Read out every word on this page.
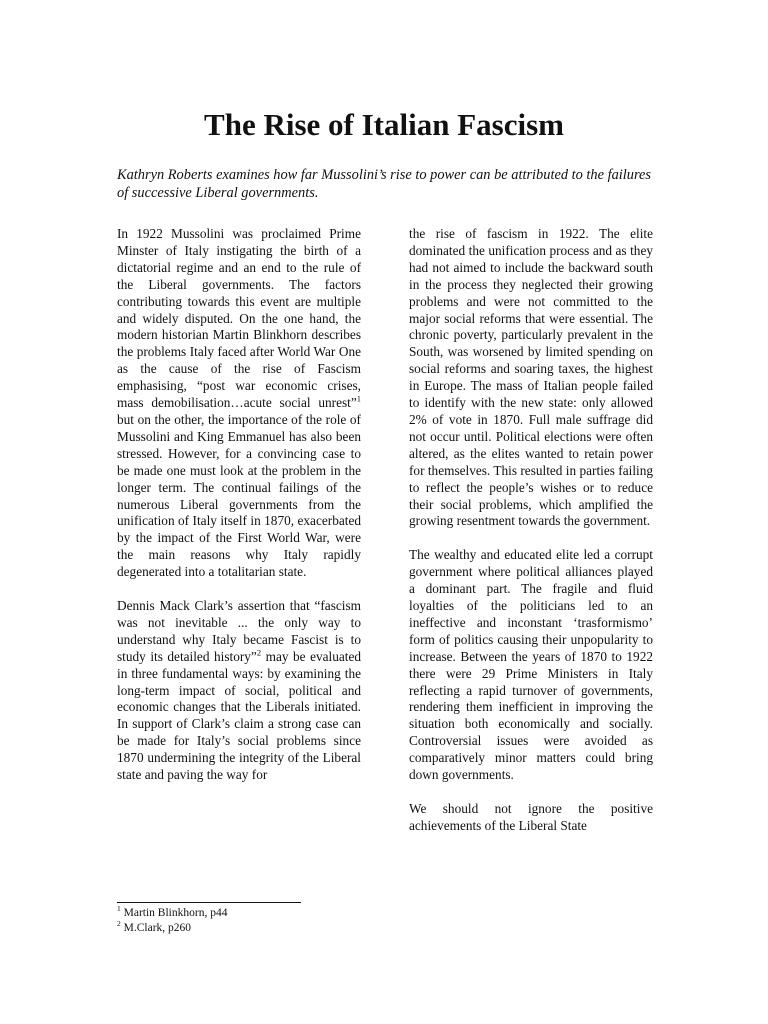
The Rise of Italian Fascism
Kathryn Roberts examines how far Mussolini’s rise to power can be attributed to the failures of successive Liberal governments.

In 1922 Mussolini was proclaimed Prime Minster of Italy instigating the birth of a dictatorial regime and an end to the rule of the Liberal governments. The factors contributing towards this event are multiple and widely disputed. On the one hand, the modern historian Martin Blinkhorn describes the problems Italy faced after World War One as the cause of the rise of Fascism emphasising, “post war economic crises, mass demobilisation…acute social unrest”$^1$ but on the other, the importance of the role of Mussolini and King Emmanuel has also been stressed. However, for a convincing case to be made one must look at the problem in the longer term. The continual failings of the numerous Liberal governments from the unification of Italy itself in 1870, exacerbated by the impact of the First World War, were the main reasons why Italy rapidly degenerated into a totalitarian state.

Dennis Mack Clark’s assertion that “fascism was not inevitable ... the only way to understand why Italy became Fascist is to study its detailed history”$^2$ may be evaluated in three fundamental ways: by examining the long-term impact of social, political and economic changes that the Liberals initiated. In support of Clark’s claim a strong case can be made for Italy’s social problems since 1870 undermining the integrity of the Liberal state and paving the way for

the rise of fascism in 1922. The elite dominated the unification process and as they had not aimed to include the backward south in the process they neglected their growing problems and were not committed to the major social reforms that were essential. The chronic poverty, particularly prevalent in the South, was worsened by limited spending on social reforms and soaring taxes, the highest in Europe. The mass of Italian people failed to identify with the new state: only allowed 2% of vote in 1870. Full male suffrage did not occur until. Political elections were often altered, as the elites wanted to retain power for themselves. This resulted in parties failing to reflect the people’s wishes or to reduce their social problems, which amplified the growing resentment towards the government.

The wealthy and educated elite led a corrupt government where political alliances played a dominant part. The fragile and fluid loyalties of the politicians led to an ineffective and inconstant ‘trasformismo’ form of politics causing their unpopularity to increase. Between the years of 1870 to 1922 there were 29 Prime Ministers in Italy reflecting a rapid turnover of governments, rendering them inefficient in improving the situation both economically and socially. Controversial issues were avoided as comparatively minor matters could bring down governments.

We should not ignore the positive achievements of the Liberal State

$^1$ Martin Blinkhorn, p44
$^2$ M.Clark, p260
